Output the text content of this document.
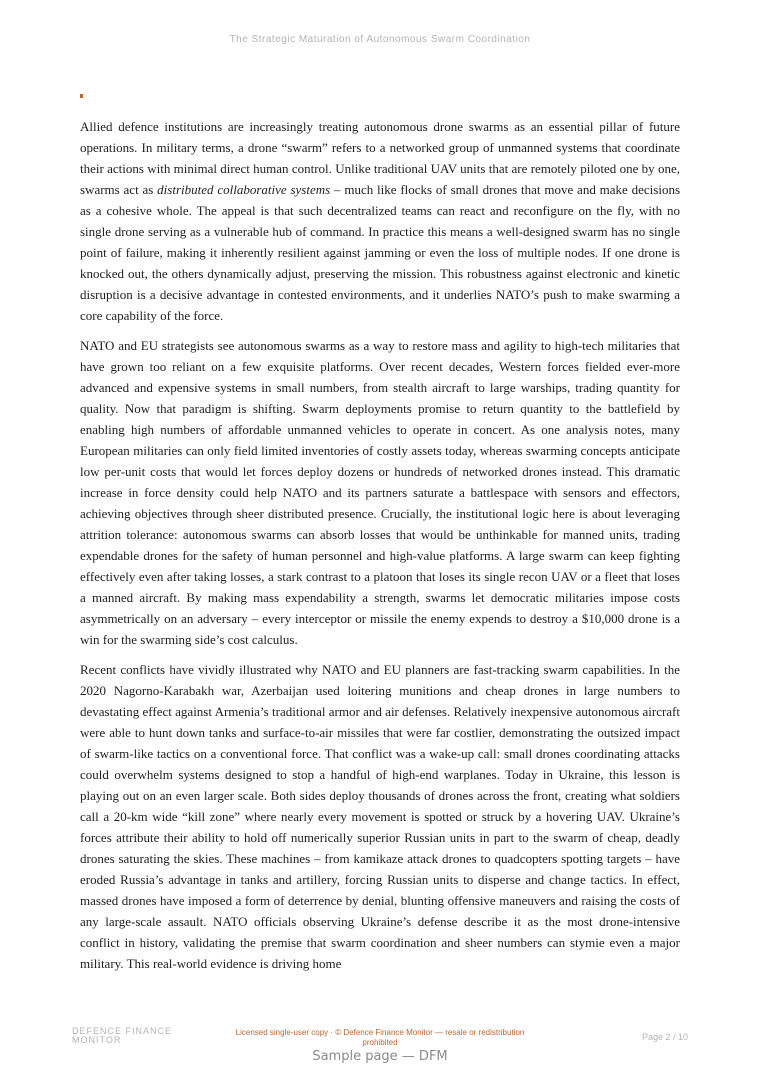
The Strategic Maturation of Autonomous Swarm Coordination

Allied defence institutions are increasingly treating autonomous drone swarms as an essential pillar of future operations. In military terms, a drone “swarm” refers to a networked group of unmanned systems that coordinate their actions with minimal direct human control. Unlike traditional UAV units that are remotely piloted one by one, swarms act as distributed collaborative systems – much like flocks of small drones that move and make decisions as a cohesive whole. The appeal is that such decentralized teams can react and reconfigure on the fly, with no single drone serving as a vulnerable hub of command. In practice this means a well-designed swarm has no single point of failure, making it inherently resilient against jamming or even the loss of multiple nodes. If one drone is knocked out, the others dynamically adjust, preserving the mission. This robustness against electronic and kinetic disruption is a decisive advantage in contested environments, and it underlies NATO’s push to make swarming a core capability of the force.

NATO and EU strategists see autonomous swarms as a way to restore mass and agility to high-tech militaries that have grown too reliant on a few exquisite platforms. Over recent decades, Western forces fielded ever-more advanced and expensive systems in small numbers, from stealth aircraft to large warships, trading quantity for quality. Now that paradigm is shifting. Swarm deployments promise to return quantity to the battlefield by enabling high numbers of affordable unmanned vehicles to operate in concert. As one analysis notes, many European militaries can only field limited inventories of costly assets today, whereas swarming concepts anticipate low per-unit costs that would let forces deploy dozens or hundreds of networked drones instead. This dramatic increase in force density could help NATO and its partners saturate a battlespace with sensors and effectors, achieving objectives through sheer distributed presence. Crucially, the institutional logic here is about leveraging attrition tolerance: autonomous swarms can absorb losses that would be unthinkable for manned units, trading expendable drones for the safety of human personnel and high-value platforms. A large swarm can keep fighting effectively even after taking losses, a stark contrast to a platoon that loses its single recon UAV or a fleet that loses a manned aircraft. By making mass expendability a strength, swarms let democratic militaries impose costs asymmetrically on an adversary – every interceptor or missile the enemy expends to destroy a $10,000 drone is a win for the swarming side’s cost calculus.

Recent conflicts have vividly illustrated why NATO and EU planners are fast-tracking swarm capabilities. In the 2020 Nagorno-Karabakh war, Azerbaijan used loitering munitions and cheap drones in large numbers to devastating effect against Armenia’s traditional armor and air defenses. Relatively inexpensive autonomous aircraft were able to hunt down tanks and surface-to-air missiles that were far costlier, demonstrating the outsized impact of swarm-like tactics on a conventional force. That conflict was a wake-up call: small drones coordinating attacks could overwhelm systems designed to stop a handful of high-end warplanes. Today in Ukraine, this lesson is playing out on an even larger scale. Both sides deploy thousands of drones across the front, creating what soldiers call a 20-km wide “kill zone” where nearly every movement is spotted or struck by a hovering UAV. Ukraine’s forces attribute their ability to hold off numerically superior Russian units in part to the swarm of cheap, deadly drones saturating the skies. These machines – from kamikaze attack drones to quadcopters spotting targets – have eroded Russia’s advantage in tanks and artillery, forcing Russian units to disperse and change tactics. In effect, massed drones have imposed a form of deterrence by denial, blunting offensive maneuvers and raising the costs of any large-scale assault. NATO officials observing Ukraine’s defense describe it as the most drone-intensive conflict in history, validating the premise that swarm coordination and sheer numbers can stymie even a major military. This real-world evidence is driving home

DEFENCE FINANCE
MONITOR
Licensed single-user copy · © Defence Finance Monitor — resale or redistribution prohibited
Page 2 / 10
Sample page — DFM
